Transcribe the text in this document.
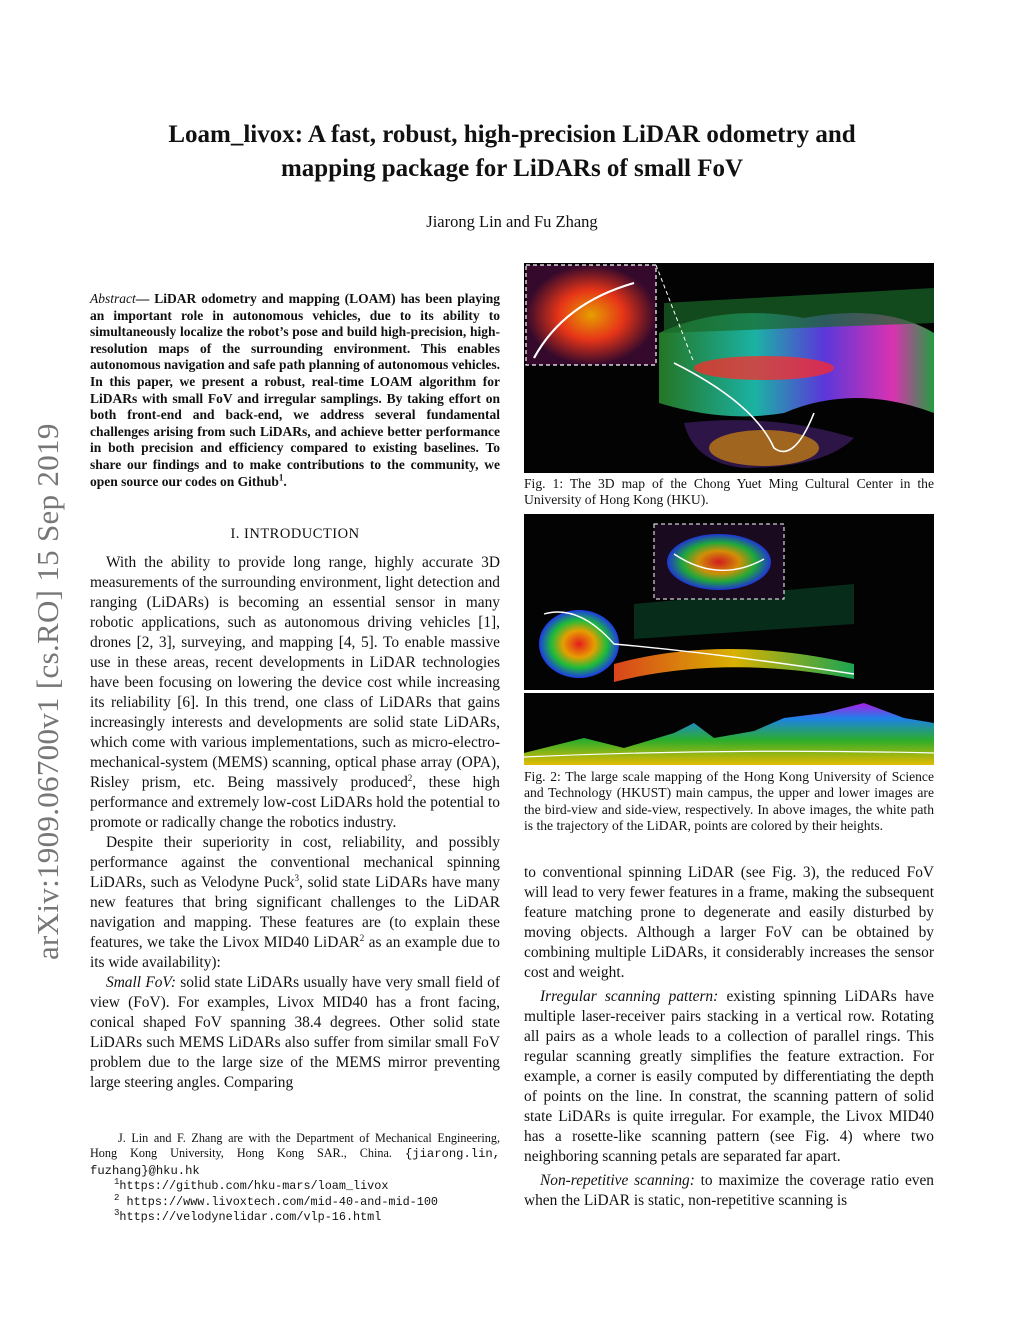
Loam_livox: A fast, robust, high-precision LiDAR odometry and
mapping package for LiDARs of small FoV
Jiarong Lin and Fu Zhang
arXiv:1909.06700v1 [cs.RO] 15 Sep 2019
Abstract— LiDAR odometry and mapping (LOAM) has been playing an important role in autonomous vehicles, due to its ability to simultaneously localize the robot’s pose and build high-precision, high-resolution maps of the surrounding environment. This enables autonomous navigation and safe path planning of autonomous vehicles. In this paper, we present a robust, real-time LOAM algorithm for LiDARs with small FoV and irregular samplings. By taking effort on both front-end and back-end, we address several fundamental challenges arising from such LiDARs, and achieve better performance in both precision and efficiency compared to existing baselines. To share our findings and to make contributions to the community, we open source our codes on Github$^1$.
I. INTRODUCTION

With the ability to provide long range, highly accurate 3D measurements of the surrounding environment, light detection and ranging (LiDARs) is becoming an essential sensor in many robotic applications, such as autonomous driving vehicles [1], drones [2, 3], surveying, and mapping [4, 5]. To enable massive use in these areas, recent developments in LiDAR technologies have been focusing on lowering the device cost while increasing its reliability [6]. In this trend, one class of LiDARs that gains increasingly interests and developments are solid state LiDARs, which come with various implementations, such as micro-electro-mechanical-system (MEMS) scanning, optical phase array (OPA), Risley prism, etc. Being massively produced$^2$, these high performance and extremely low-cost LiDARs hold the potential to promote or radically change the robotics industry.

Despite their superiority in cost, reliability, and possibly performance against the conventional mechanical spinning LiDARs, such as Velodyne Puck$^3$, solid state LiDARs have many new features that bring significant challenges to the LiDAR navigation and mapping. These features are (to explain these features, we take the Livox MID40 LiDAR$^2$ as an example due to its wide availability):

Small FoV: solid state LiDARs usually have very small field of view (FoV). For examples, Livox MID40 has a front facing, conical shaped FoV spanning 38.4 degrees. Other solid state LiDARs such MEMS LiDARs also suffer from similar small FoV problem due to the large size of the MEMS mirror preventing large steering angles. Comparing

J. Lin and F. Zhang are with the Department of Mechanical Engineering, Hong Kong University, Hong Kong SAR., China. {jiarong.lin, fuzhang}@hku.hk

$^1$https://github.com/hku-mars/loam_livox

$^2$ https://www.livoxtech.com/mid-40-and-mid-100

$^3$https://velodynelidar.com/vlp-16.html

Fig. 1: The 3D map of the Chong Yuet Ming Cultural Center in the University of Hong Kong (HKU).
Fig. 2: The large scale mapping of the Hong Kong University of Science and Technology (HKUST) main campus, the upper and lower images are the bird-view and side-view, respectively. In above images, the white path is the trajectory of the LiDAR, points are colored by their heights.

to conventional spinning LiDAR (see Fig. 3), the reduced FoV will lead to very fewer features in a frame, making the subsequent feature matching prone to degenerate and easily disturbed by moving objects. Although a larger FoV can be obtained by combining multiple LiDARs, it considerably increases the sensor cost and weight.

Irregular scanning pattern: existing spinning LiDARs have multiple laser-receiver pairs stacking in a vertical row. Rotating all pairs as a whole leads to a collection of parallel rings. This regular scanning greatly simplifies the feature extraction. For example, a corner is easily computed by differentiating the depth of points on the line. In constrat, the scanning pattern of solid state LiDARs is quite irregular. For example, the Livox MID40 has a rosette-like scanning pattern (see Fig. 4) where two neighboring scanning petals are separated far apart.

Non-repetitive scanning: to maximize the coverage ratio even when the LiDAR is static, non-repetitive scanning is
